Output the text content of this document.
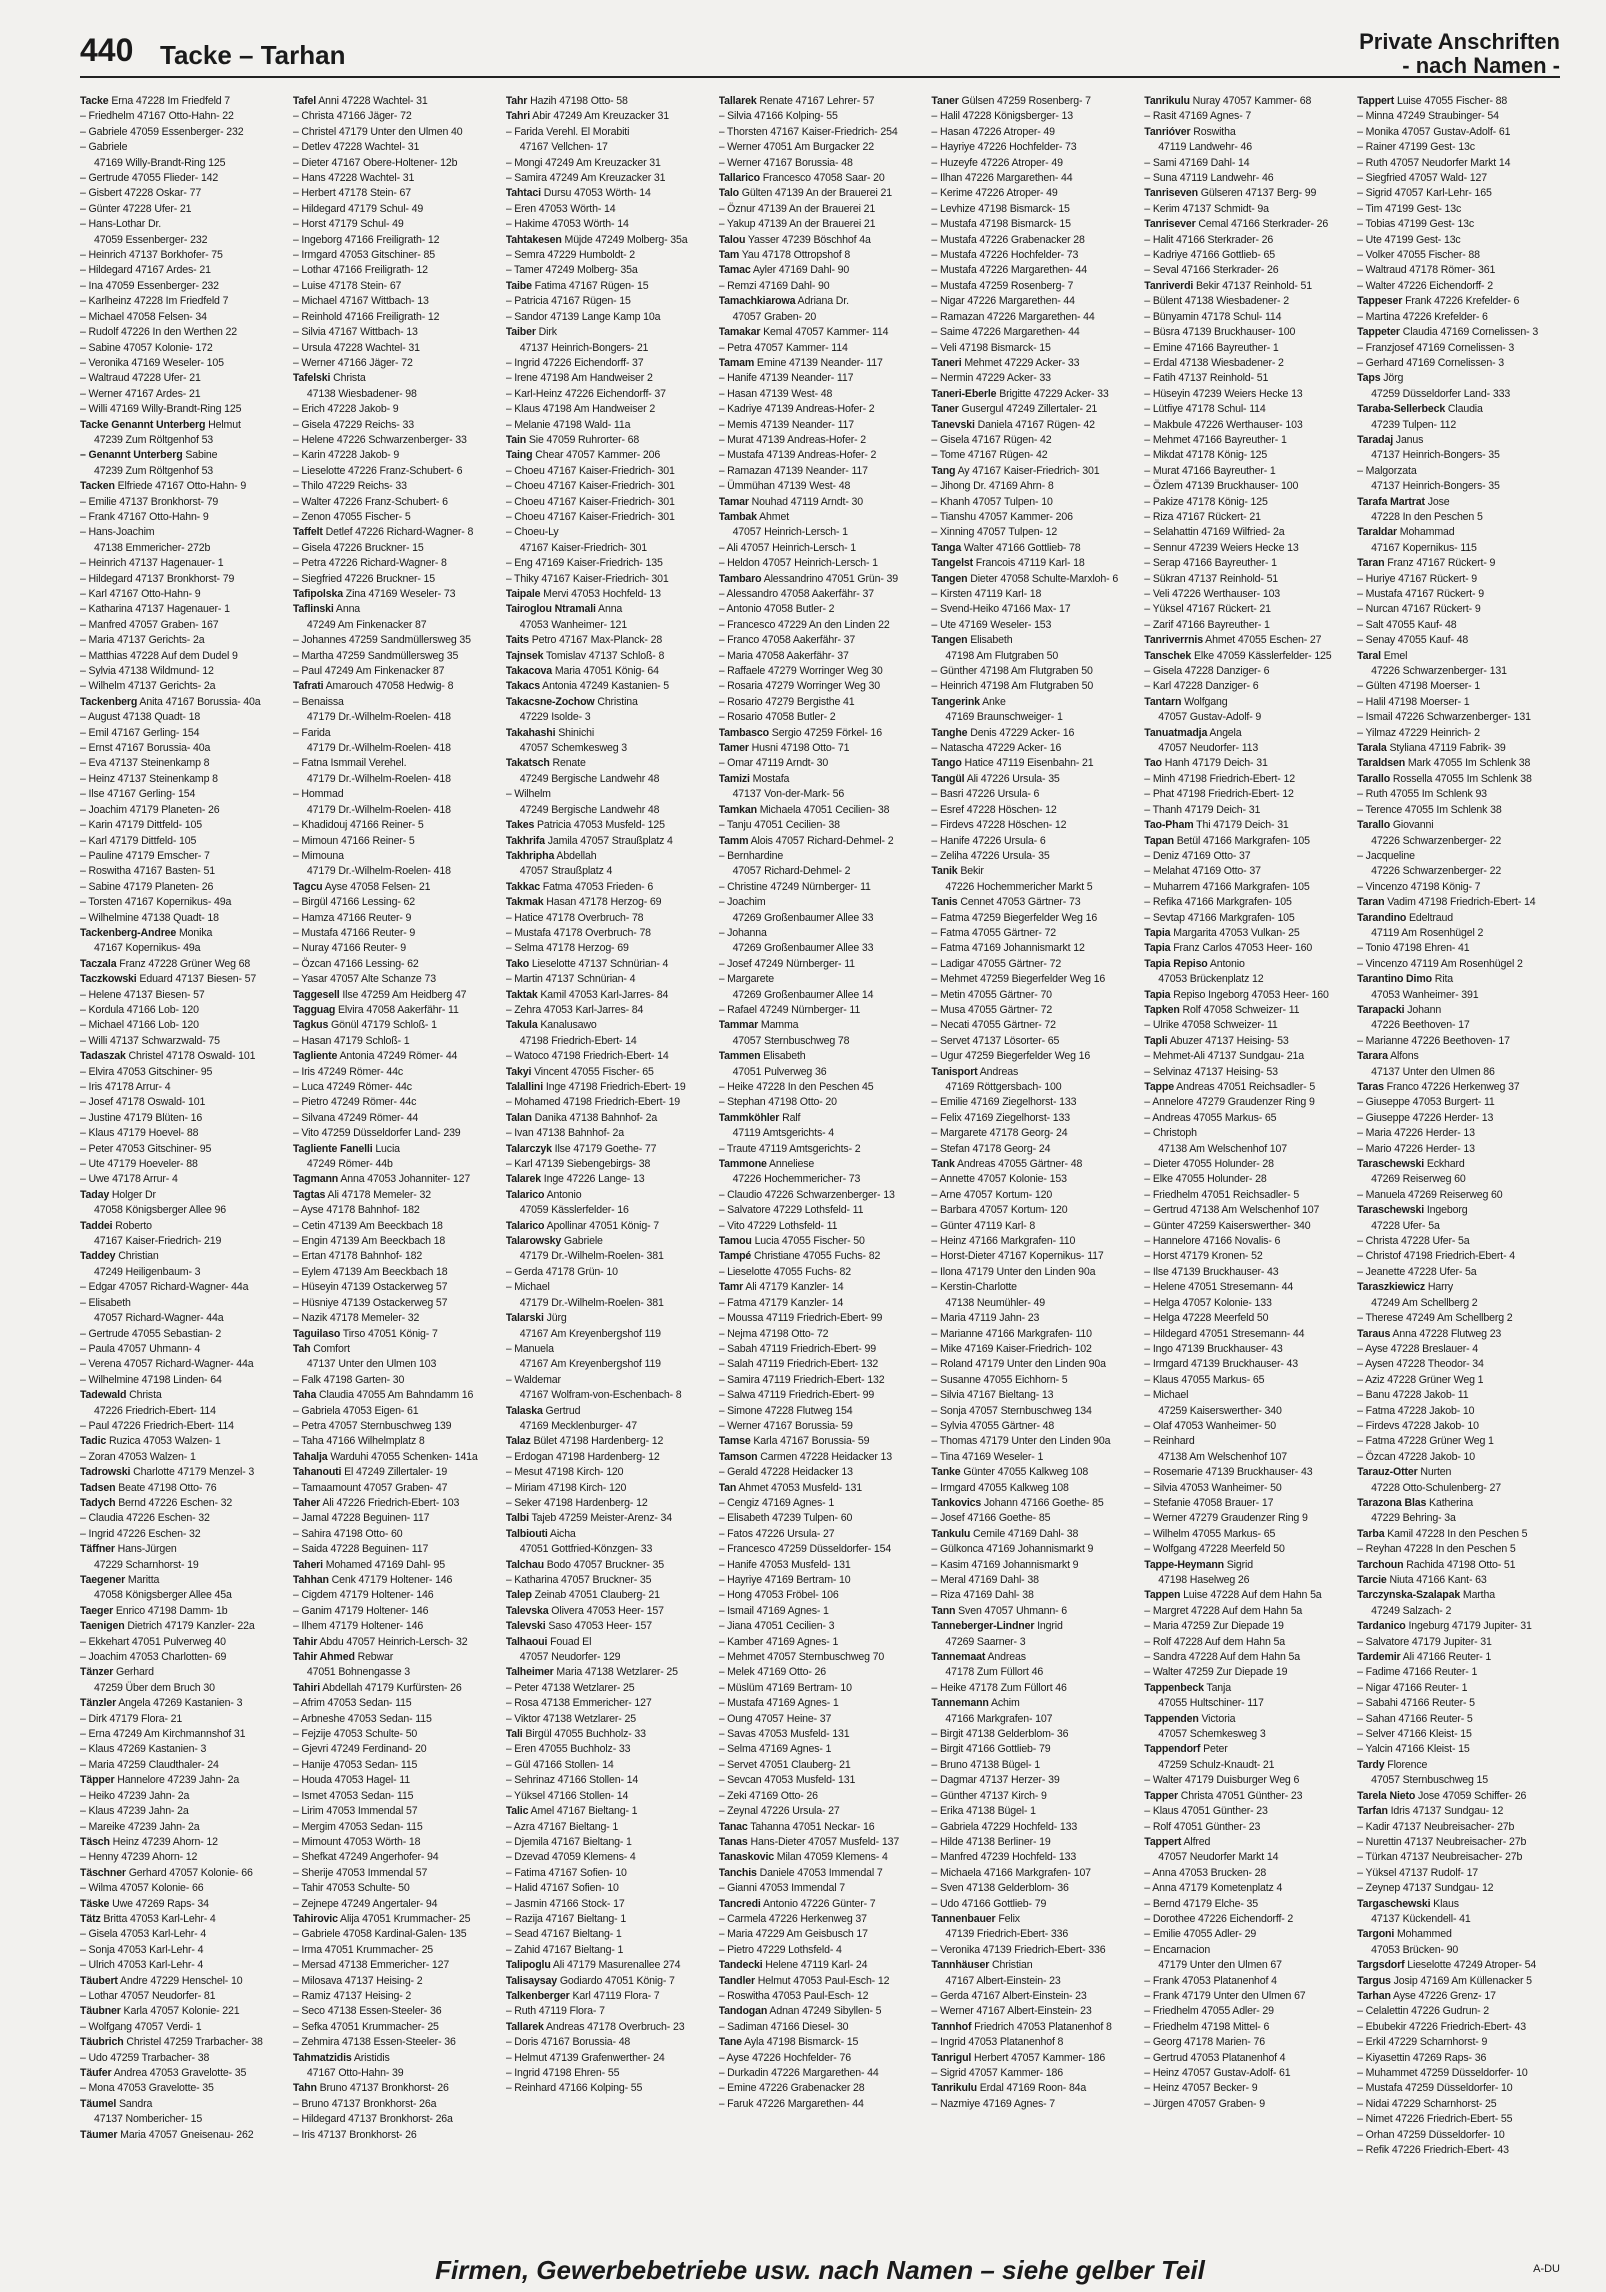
440 Tacke – Tarhan	Private Anschriften
- nach Namen -
Tacke Erna 47228 Im Friedfeld 7
– Friedhelm 47167 Otto-Hahn- 22
– Gabriele 47059 Essenberger- 232
– Gabriele
47169 Willy-Brandt-Ring 125
– Gertrude 47055 Flieder- 142
– Gisbert 47228 Oskar- 77
– Günter 47228 Ufer- 21
– Hans-Lothar Dr.
47059 Essenberger- 232
– Heinrich 47137 Borkhofer- 75
– Hildegard 47167 Ardes- 21
– Ina 47059 Essenberger- 232
– Karlheinz 47228 Im Friedfeld 7
– Michael 47058 Felsen- 34
– Rudolf 47226 In den Werthen 22
– Sabine 47057 Kolonie- 172
– Veronika 47169 Weseler- 105
– Waltraud 47228 Ufer- 21
– Werner 47167 Ardes- 21
– Willi 47169 Willy-Brandt-Ring 125
Tacke Genannt Unterberg Helmut
47239 Zum Röltgenhof 53
– Genannt Unterberg Sabine
47239 Zum Röltgenhof 53
Tacken Elfriede 47167 Otto-Hahn- 9
– Emilie 47137 Bronkhorst- 79
– Frank 47167 Otto-Hahn- 9
– Hans-Joachim
47138 Emmericher- 272b
– Heinrich 47137 Hagenauer- 1
– Hildegard 47137 Bronkhorst- 79
– Karl 47167 Otto-Hahn- 9
– Katharina 47137 Hagenauer- 1
– Manfred 47057 Graben- 167
– Maria 47137 Gerichts- 2a
– Matthias 47228 Auf dem Dudel 9
– Sylvia 47138 Wildmund- 12
– Wilhelm 47137 Gerichts- 2a
Tackenberg Anita 47167 Borussia- 40a
– August 47138 Quadt- 18
– Emil 47167 Gerling- 154
– Ernst 47167 Borussia- 40a
– Eva 47137 Steinenkamp 8
– Heinz 47137 Steinenkamp 8
– Ilse 47167 Gerling- 154
– Joachim 47179 Planeten- 26
– Karin 47179 Dittfeld- 105
– Karl 47179 Dittfeld- 105
– Pauline 47179 Emscher- 7
– Roswitha 47167 Basten- 51
– Sabine 47179 Planeten- 26
– Torsten 47167 Kopernikus- 49a
– Wilhelmine 47138 Quadt- 18
Tackenberg-Andree Monika
47167 Kopernikus- 49a
Taczala Franz 47228 Grüner Weg 68
Taczkowski Eduard 47137 Biesen- 57
– Helene 47137 Biesen- 57
– Kordula 47166 Lob- 120
– Michael 47166 Lob- 120
– Willi 47137 Schwarzwald- 75
Tadaszak Christel 47178 Oswald- 101
– Elvira 47053 Gitschiner- 95
– Iris 47178 Arrur- 4
– Josef 47178 Oswald- 101
– Justine 47179 Blüten- 16
– Klaus 47179 Hoevel- 88
– Peter 47053 Gitschiner- 95
– Ute 47179 Hoeveler- 88
– Uwe 47178 Arrur- 4
Taday Holger Dr
47058 Königsberger Allee 96
Taddei Roberto
47167 Kaiser-Friedrich- 219
Taddey Christian
47249 Heiligenbaum- 3
– Edgar 47057 Richard-Wagner- 44a
– Elisabeth
47057 Richard-Wagner- 44a
– Gertrude 47055 Sebastian- 2
– Paula 47057 Uhmann- 4
– Verena 47057 Richard-Wagner- 44a
– Wilhelmine 47198 Linden- 64
Tadewald Christa
47226 Friedrich-Ebert- 114
– Paul 47226 Friedrich-Ebert- 114
Tadic Ruzica 47053 Walzen- 1
– Zoran 47053 Walzen- 1
Tadrowski Charlotte 47179 Menzel- 3
Tadsen Beate 47198 Otto- 76
Tadych Bernd 47226 Eschen- 32
– Claudia 47226 Eschen- 32
– Ingrid 47226 Eschen- 32
Täffner Hans-Jürgen
47229 Scharnhorst- 19
Taegener Maritta
47058 Königsberger Allee 45a
Taeger Enrico 47198 Damm- 1b
Taenigen Dietrich 47179 Kanzler- 22a
– Ekkehart 47051 Pulverweg 40
– Joachim 47053 Charlotten- 69
Tänzer Gerhard
47259 Über dem Bruch 30
Tänzler Angela 47269 Kastanien- 3
– Dirk 47179 Flora- 21
– Erna 47249 Am Kirchmannshof 31
– Klaus 47269 Kastanien- 3
– Maria 47259 Claudthaler- 24
Täpper Hannelore 47239 Jahn- 2a
– Heiko 47239 Jahn- 2a
– Klaus 47239 Jahn- 2a
– Mareike 47239 Jahn- 2a
Täsch Heinz 47239 Ahorn- 12
– Henny 47239 Ahorn- 12
Täschner Gerhard 47057 Kolonie- 66
– Wilma 47057 Kolonie- 66
Täske Uwe 47269 Raps- 34
Tätz Britta 47053 Karl-Lehr- 4
– Gisela 47053 Karl-Lehr- 4
– Sonja 47053 Karl-Lehr- 4
– Ulrich 47053 Karl-Lehr- 4
Täubert Andre 47229 Henschel- 10
– Lothar 47057 Neudorfer- 81
Täubner Karla 47057 Kolonie- 221
– Wolfgang 47057 Verdi- 1
Täubrich Christel 47259 Trarbacher- 38
– Udo 47259 Trarbacher- 38
Täufer Andrea 47053 Gravelotte- 35
– Mona 47053 Gravelotte- 35
Täumel Sandra
47137 Nombericher- 15
Täumer Maria 47057 Gneisenau- 262
Tafel Anni 47228 Wachtel- 31
– Christa 47166 Jäger- 72
– Christel 47179 Unter den Ulmen 40
– Detlev 47228 Wachtel- 31
– Dieter 47167 Obere-Holtener- 12b
– Hans 47228 Wachtel- 31
– Herbert 47178 Stein- 67
– Hildegard 47179 Schul- 49
– Horst 47179 Schul- 49
– Ingeborg 47166 Freiligrath- 12
– Irmgard 47053 Gitschiner- 85
– Lothar 47166 Freiligrath- 12
– Luise 47178 Stein- 67
– Michael 47167 Wittbach- 13
– Reinhold 47166 Freiligrath- 12
– Silvia 47167 Wittbach- 13
– Ursula 47228 Wachtel- 31
– Werner 47166 Jäger- 72
Tafelski Christa
47138 Wiesbadener- 98
– Erich 47228 Jakob- 9
– Gisela 47229 Reichs- 33
– Helene 47226 Schwarzenberger- 33
– Karin 47228 Jakob- 9
– Lieselotte 47226 Franz-Schubert- 6
– Thilo 47229 Reichs- 33
– Walter 47226 Franz-Schubert- 6
– Zenon 47055 Fischer- 5
Taffelt Detlef 47226 Richard-Wagner- 8
– Gisela 47226 Bruckner- 15
– Petra 47226 Richard-Wagner- 8
– Siegfried 47226 Bruckner- 15
Tafipolska Zina 47169 Weseler- 73
Taflinski Anna
47249 Am Finkenacker 87
– Johannes 47259 Sandmüllersweg 35
– Martha 47259 Sandmüllersweg 35
– Paul 47249 Am Finkenacker 87
Tafrati Amarouch 47058 Hedwig- 8
– Benaissa
47179 Dr.-Wilhelm-Roelen- 418
– Farida
47179 Dr.-Wilhelm-Roelen- 418
– Fatna Ismmail Verehel.
47179 Dr.-Wilhelm-Roelen- 418
– Hommad
47179 Dr.-Wilhelm-Roelen- 418
– Khadidouj 47166 Reiner- 5
– Mimoun 47166 Reiner- 5
– Mimouna
47179 Dr.-Wilhelm-Roelen- 418
Tagcu Ayse 47058 Felsen- 21
– Birgül 47166 Lessing- 62
– Hamza 47166 Reuter- 9
– Mustafa 47166 Reuter- 9
– Nuray 47166 Reuter- 9
– Özcan 47166 Lessing- 62
– Yasar 47057 Alte Schanze 73
Taggesell Ilse 47259 Am Heidberg 47
Tagguag Elvira 47058 Aakerfähr- 11
Tagkus Gönül 47179 Schloß- 1
– Hasan 47179 Schloß- 1
Tagliente Antonia 47249 Römer- 44
– Iris 47249 Römer- 44c
– Luca 47249 Römer- 44c
– Pietro 47249 Römer- 44c
– Silvana 47249 Römer- 44
– Vito 47259 Düsseldorfer Land- 239
Tagliente Fanelli Lucia
47249 Römer- 44b
Tagmann Anna 47053 Johanniter- 127
Tagtas Ali 47178 Memeler- 32
– Ayse 47178 Bahnhof- 182
– Cetin 47139 Am Beeckbach 18
– Engin 47139 Am Beeckbach 18
– Ertan 47178 Bahnhof- 182
– Eylem 47139 Am Beeckbach 18
– Hüseyin 47139 Ostackerweg 57
– Hüsniye 47139 Ostackerweg 57
– Nazik 47178 Memeler- 32
Taguilaso Tirso 47051 König- 7
Tah Comfort
47137 Unter den Ulmen 103
– Falk 47198 Garten- 30
Taha Claudia 47055 Am Bahndamm 16
– Gabriela 47053 Eigen- 61
– Petra 47057 Sternbuschweg 139
– Taha 47166 Wilhelmplatz 8
Tahalja Warduhi 47055 Schenken- 141a
Tahanouti El 47249 Zillertaler- 19
– Tamaamount 47057 Graben- 47
Taher Ali 47226 Friedrich-Ebert- 103
– Jamal 47228 Beguinen- 117
– Sahira 47198 Otto- 60
– Saida 47228 Beguinen- 117
Taheri Mohamed 47169 Dahl- 95
Tahhan Cenk 47179 Holtener- 146
– Cigdem 47179 Holtener- 146
– Ganim 47179 Holtener- 146
– Ilhem 47179 Holtener- 146
Tahir Abdu 47057 Heinrich-Lersch- 32
Tahir Ahmed Rebwar
47051 Bohnengasse 3
Tahiri Abdellah 47179 Kurfürsten- 26
– Afrim 47053 Sedan- 115
– Arbneshe 47053 Sedan- 115
– Fejzije 47053 Schulte- 50
– Gjevri 47249 Ferdinand- 20
– Hanije 47053 Sedan- 115
– Houda 47053 Hagel- 11
– Ismet 47053 Sedan- 115
– Lirim 47053 Immendal 57
– Mergim 47053 Sedan- 115
– Mimount 47053 Wörth- 18
– Shefkat 47249 Angerhofer- 94
– Sherije 47053 Immendal 57
– Tahir 47053 Schulte- 50
– Zejnepe 47249 Angertaler- 94
Tahirovic Alija 47051 Krummacher- 25
– Gabriele 47058 Kardinal-Galen- 135
– Irma 47051 Krummacher- 25
– Mersad 47138 Emmericher- 127
– Milosava 47137 Heising- 2
– Ramiz 47137 Heising- 2
– Seco 47138 Essen-Steeler- 36
– Sefka 47051 Krummacher- 25
– Zehmira 47138 Essen-Steeler- 36
Tahmatzidis Aristidis
47167 Otto-Hahn- 39
Tahn Bruno 47137 Bronkhorst- 26
– Bruno 47137 Bronkhorst- 26a
– Hildegard 47137 Bronkhorst- 26a
– Iris 47137 Bronkhorst- 26
Tahr Hazih 47198 Otto- 58
Tahri Abir 47249 Am Kreuzacker 31
– Farida Verehl. El Morabiti
47167 Vellchen- 17
– Mongi 47249 Am Kreuzacker 31
– Samira 47249 Am Kreuzacker 31
Tahtaci Dursu 47053 Wörth- 14
– Eren 47053 Wörth- 14
– Hakime 47053 Wörth- 14
Tahtakesen Müjde 47249 Molberg- 35a
– Semra 47229 Humboldt- 2
– Tamer 47249 Molberg- 35a
Taibe Fatima 47167 Rügen- 15
– Patricia 47167 Rügen- 15
– Sandor 47139 Lange Kamp 10a
Taiber Dirk
47137 Heinrich-Bongers- 21
– Ingrid 47226 Eichendorff- 37
– Irene 47198 Am Handweiser 2
– Karl-Heinz 47226 Eichendorff- 37
– Klaus 47198 Am Handweiser 2
– Melanie 47198 Wald- 11a
Tain Sie 47059 Ruhrorter- 68
Taing Chear 47057 Kammer- 206
– Choeu 47167 Kaiser-Friedrich- 301
– Choeu 47167 Kaiser-Friedrich- 301
– Choeu 47167 Kaiser-Friedrich- 301
– Choeu 47167 Kaiser-Friedrich- 301
– Choeu-Ly
47167 Kaiser-Friedrich- 301
– Eng 47169 Kaiser-Friedrich- 135
– Thiky 47167 Kaiser-Friedrich- 301
Taipale Mervi 47053 Hochfeld- 13
Tairoglou Ntramali Anna
47053 Wanheimer- 121
Taits Petro 47167 Max-Planck- 28
Tajnsek Tomislav 47137 Schloß- 8
Takacova Maria 47051 König- 64
Takacs Antonia 47249 Kastanien- 5
Takacsne-Zochow Christina
47229 Isolde- 3
Takahashi Shinichi
47057 Schemkesweg 3
Takatsch Renate
47249 Bergische Landwehr 48
– Wilhelm
47249 Bergische Landwehr 48
Takes Patricia 47053 Musfeld- 125
Takhrifa Jamila 47057 Straußplatz 4
Takhripha Abdellah
47057 Straußplatz 4
Takkac Fatma 47053 Frieden- 6
Takmak Hasan 47178 Herzog- 69
– Hatice 47178 Overbruch- 78
– Mustafa 47178 Overbruch- 78
– Selma 47178 Herzog- 69
Tako Lieselotte 47137 Schnürian- 4
– Martin 47137 Schnürian- 4
Taktak Kamil 47053 Karl-Jarres- 84
– Zehra 47053 Karl-Jarres- 84
Takula Kanalusawo
47198 Friedrich-Ebert- 14
– Watoco 47198 Friedrich-Ebert- 14
Takyi Vincent 47055 Fischer- 65
Talallini Inge 47198 Friedrich-Ebert- 19
– Mohamed 47198 Friedrich-Ebert- 19
Talan Danika 47138 Bahnhof- 2a
– Ivan 47138 Bahnhof- 2a
Talarczyk Ilse 47179 Goethe- 77
– Karl 47139 Siebengebirgs- 38
Talarek Inge 47226 Lange- 13
Talarico Antonio
47059 Kässlerfelder- 16
Talarico Apollinar 47051 König- 7
Talarowsky Gabriele
47179 Dr.-Wilhelm-Roelen- 381
– Gerda 47178 Grün- 10
– Michael
47179 Dr.-Wilhelm-Roelen- 381
Talarski Jürg
47167 Am Kreyenbergshof 119
– Manuela
47167 Am Kreyenbergshof 119
– Waldemar
47167 Wolfram-von-Eschenbach- 8
Talaska Gertrud
47169 Mecklenburger- 47
Talaz Bület 47198 Hardenberg- 12
– Erdogan 47198 Hardenberg- 12
– Mesut 47198 Kirch- 120
– Miriam 47198 Kirch- 120
– Seker 47198 Hardenberg- 12
Talbi Tajeb 47259 Meister-Arenz- 34
Talbiouti Aicha
47051 Gottfried-Könzgen- 33
Talchau Bodo 47057 Bruckner- 35
– Katharina 47057 Bruckner- 35
Talep Zeinab 47051 Clauberg- 21
Talevska Olivera 47053 Heer- 157
Talevski Saso 47053 Heer- 157
Talhaoui Fouad El
47057 Neudorfer- 129
Talheimer Maria 47138 Wetzlarer- 25
– Peter 47138 Wetzlarer- 25
– Rosa 47138 Emmericher- 127
– Viktor 47138 Wetzlarer- 25
Tali Birgül 47055 Buchholz- 33
– Eren 47055 Buchholz- 33
– Gül 47166 Stollen- 14
– Sehrinaz 47166 Stollen- 14
– Yüksel 47166 Stollen- 14
Talic Amel 47167 Bieltang- 1
– Azra 47167 Bieltang- 1
– Djemila 47167 Bieltang- 1
– Dzevad 47059 Klemens- 4
– Fatima 47167 Sofien- 10
– Halid 47167 Sofien- 10
– Jasmin 47166 Stock- 17
– Razija 47167 Bieltang- 1
– Sead 47167 Bieltang- 1
– Zahid 47167 Bieltang- 1
Talipoglu Ali 47179 Masurenallee 274
Talisaysay Godiardo 47051 König- 7
Talkenberger Karl 47119 Flora- 7
– Ruth 47119 Flora- 7
Tallarek Andreas 47178 Overbruch- 23
– Doris 47167 Borussia- 48
– Helmut 47139 Grafenwerther- 24
– Ingrid 47198 Ehren- 55
– Reinhard 47166 Kolping- 55
Tallarek Renate 47167 Lehrer- 57
– Silvia 47166 Kolping- 55
– Thorsten 47167 Kaiser-Friedrich- 254
– Werner 47051 Am Burgacker 22
– Werner 47167 Borussia- 48
Tallarico Francesco 47058 Saar- 20
Talo Gülten 47139 An der Brauerei 21
– Öznur 47139 An der Brauerei 21
– Yakup 47139 An der Brauerei 21
Talou Yasser 47239 Böschhof 4a
Tam Yau 47178 Ottropshof 8
Tamac Ayler 47169 Dahl- 90
– Remzi 47169 Dahl- 90
Tamachkiarowa Adriana Dr.
47057 Graben- 20
Tamakar Kemal 47057 Kammer- 114
– Petra 47057 Kammer- 114
Tamam Emine 47139 Neander- 117
– Hanife 47139 Neander- 117
– Hasan 47139 West- 48
– Kadriye 47139 Andreas-Hofer- 2
– Memis 47139 Neander- 117
– Murat 47139 Andreas-Hofer- 2
– Mustafa 47139 Andreas-Hofer- 2
– Ramazan 47139 Neander- 117
– Ümmühan 47139 West- 48
Tamar Nouhad 47119 Arndt- 30
Tambak Ahmet
47057 Heinrich-Lersch- 1
– Ali 47057 Heinrich-Lersch- 1
– Heldon 47057 Heinrich-Lersch- 1
Tambaro Alessandrino 47051 Grün- 39
– Alessandro 47058 Aakerfähr- 37
– Antonio 47058 Butler- 2
– Francesco 47229 An den Linden 22
– Franco 47058 Aakerfähr- 37
– Maria 47058 Aakerfähr- 37
– Raffaele 47279 Worringer Weg 30
– Rosaria 47279 Worringer Weg 30
– Rosario 47279 Bergisthe 41
– Rosario 47058 Butler- 2
Tambasco Sergio 47259 Förkel- 16
Tamer Husni 47198 Otto- 71
– Omar 47119 Arndt- 30
Tamizi Mostafa
47137 Von-der-Mark- 56
Tamkan Michaela 47051 Cecilien- 38
– Tanju 47051 Cecilien- 38
Tamm Alois 47057 Richard-Dehmel- 2
– Bernhardine
47057 Richard-Dehmel- 2
– Christine 47249 Nürnberger- 11
– Joachim
47269 Großenbaumer Allee 33
– Johanna
47269 Großenbaumer Allee 33
– Josef 47249 Nürnberger- 11
– Margarete
47269 Großenbaumer Allee 14
– Rafael 47249 Nürnberger- 11
Tammar Mamma
47057 Sternbuschweg 78
Tammen Elisabeth
47051 Pulverweg 36
– Heike 47228 In den Peschen 45
– Stephan 47198 Otto- 20
Tammköhler Ralf
47119 Amtsgerichts- 4
– Traute 47119 Amtsgerichts- 2
Tammone Anneliese
47226 Hochemmericher- 73
– Claudio 47226 Schwarzenberger- 13
– Salvatore 47229 Lothsfeld- 11
– Vito 47229 Lothsfeld- 11
Tamou Lucia 47055 Fischer- 50
Tampé Christiane 47055 Fuchs- 82
– Lieselotte 47055 Fuchs- 82
Tamr Ali 47179 Kanzler- 14
– Fatma 47179 Kanzler- 14
– Moussa 47119 Friedrich-Ebert- 99
– Nejma 47198 Otto- 72
– Sabah 47119 Friedrich-Ebert- 99
– Salah 47119 Friedrich-Ebert- 132
– Samira 47119 Friedrich-Ebert- 132
– Salwa 47119 Friedrich-Ebert- 99
– Simone 47228 Flutweg 154
– Werner 47167 Borussia- 59
Tamse Karla 47167 Borussia- 59
Tamson Carmen 47228 Heidacker 13
– Gerald 47228 Heidacker 13
Tan Ahmet 47053 Musfeld- 131
– Cengiz 47169 Agnes- 1
– Elisabeth 47239 Tulpen- 60
– Fatos 47226 Ursula- 27
– Francesco 47259 Düsseldorfer- 154
– Hanife 47053 Musfeld- 131
– Hayriye 47169 Bertram- 10
– Hong 47053 Fröbel- 106
– Ismail 47169 Agnes- 1
– Jiana 47051 Cecilien- 3
– Kamber 47169 Agnes- 1
– Mehmet 47057 Sternbuschweg 70
– Melek 47169 Otto- 26
– Müslüm 47169 Bertram- 10
– Mustafa 47169 Agnes- 1
– Oung 47057 Heine- 37
– Savas 47053 Musfeld- 131
– Selma 47169 Agnes- 1
– Servet 47051 Clauberg- 21
– Sevcan 47053 Musfeld- 131
– Zeki 47169 Otto- 26
– Zeynal 47226 Ursula- 27
Tanac Tahanna 47051 Neckar- 16
Tanas Hans-Dieter 47057 Musfeld- 137
Tanaskovic Milan 47059 Klemens- 4
Tanchis Daniele 47053 Immendal 7
– Gianni 47053 Immendal 7
Tancredi Antonio 47226 Günter- 7
– Carmela 47226 Herkenweg 37
– Maria 47229 Am Geisbusch 17
– Pietro 47229 Lothsfeld- 4
Tandecki Helene 47119 Karl- 24
Tandler Helmut 47053 Paul-Esch- 12
– Roswitha 47053 Paul-Esch- 12
Tandogan Adnan 47249 Sibyllen- 5
– Sadiman 47166 Diesel- 30
Tane Ayla 47198 Bismarck- 15
– Ayse 47226 Hochfelder- 76
– Durkadin 47226 Margarethen- 44
– Emine 47226 Grabenacker 28
– Faruk 47226 Margarethen- 44
Taner Gülsen 47259 Rosenberg- 7
– Halil 47228 Königsberger- 13
– Hasan 47226 Atroper- 49
– Hayriye 47226 Hochfelder- 73
– Huzeyfe 47226 Atroper- 49
– Ilhan 47226 Margarethen- 44
– Kerime 47226 Atroper- 49
– Levhize 47198 Bismarck- 15
– Mustafa 47198 Bismarck- 15
– Mustafa 47226 Grabenacker 28
– Mustafa 47226 Hochfelder- 73
– Mustafa 47226 Margarethen- 44
– Mustafa 47259 Rosenberg- 7
– Nigar 47226 Margarethen- 44
– Ramazan 47226 Margarethen- 44
– Saime 47226 Margarethen- 44
– Veli 47198 Bismarck- 15
Taneri Mehmet 47229 Acker- 33
– Nermin 47229 Acker- 33
Taneri-Eberle Brigitte 47229 Acker- 33
Taner Gusergul 47249 Zillertaler- 21
Tanevski Daniela 47167 Rügen- 42
– Gisela 47167 Rügen- 42
– Tome 47167 Rügen- 42
Tang Ay 47167 Kaiser-Friedrich- 301
– Jihong Dr. 47169 Ahrn- 8
– Khanh 47057 Tulpen- 10
– Tianshu 47057 Kammer- 206
– Xinning 47057 Tulpen- 12
Tanga Walter 47166 Gottlieb- 78
Tangelst Francois 47119 Karl- 18
Tangen Dieter 47058 Schulte-Marxloh- 6
– Kirsten 47119 Karl- 18
– Svend-Heiko 47166 Max- 17
– Ute 47169 Weseler- 153
Tangen Elisabeth
47198 Am Flutgraben 50
– Günther 47198 Am Flutgraben 50
– Heinrich 47198 Am Flutgraben 50
Tangerink Anke
47169 Braunschweiger- 1
Tanghe Denis 47229 Acker- 16
– Natascha 47229 Acker- 16
Tango Hatice 47119 Eisenbahn- 21
Tangül Ali 47226 Ursula- 35
– Basri 47226 Ursula- 6
– Esref 47228 Höschen- 12
– Firdevs 47228 Höschen- 12
– Hanife 47226 Ursula- 6
– Zeliha 47226 Ursula- 35
Tanik Bekir
47226 Hochemmericher Markt 5
Tanis Cennet 47053 Gärtner- 73
– Fatma 47259 Biegerfelder Weg 16
– Fatma 47055 Gärtner- 72
– Fatma 47169 Johannismarkt 12
– Ladigar 47055 Gärtner- 72
– Mehmet 47259 Biegerfelder Weg 16
– Metin 47055 Gärtner- 70
– Musa 47055 Gärtner- 72
– Necati 47055 Gärtner- 72
– Servet 47137 Lösorter- 65
– Ugur 47259 Biegerfelder Weg 16
Tanisport Andreas
47169 Röttgersbach- 100
– Emilie 47169 Ziegelhorst- 133
– Felix 47169 Ziegelhorst- 133
– Margarete 47178 Georg- 24
– Stefan 47178 Georg- 24
Tank Andreas 47055 Gärtner- 48
– Annette 47057 Kolonie- 153
– Arne 47057 Kortum- 120
– Barbara 47057 Kortum- 120
– Günter 47119 Karl- 8
– Heinz 47166 Markgrafen- 110
– Horst-Dieter 47167 Kopernikus- 117
– Ilona 47179 Unter den Linden 90a
– Kerstin-Charlotte
47138 Neumühler- 49
– Maria 47119 Jahn- 23
– Marianne 47166 Markgrafen- 110
– Mike 47169 Kaiser-Friedrich- 102
– Roland 47179 Unter den Linden 90a
– Susanne 47055 Eichhorn- 5
– Silvia 47167 Bieltang- 13
– Sonja 47057 Sternbuschweg 134
– Sylvia 47055 Gärtner- 48
– Thomas 47179 Unter den Linden 90a
– Tina 47169 Weseler- 1
Tanke Günter 47055 Kalkweg 108
– Irmgard 47055 Kalkweg 108
Tankovics Johann 47166 Goethe- 85
– Josef 47166 Goethe- 85
Tankulu Cemile 47169 Dahl- 38
– Gülkonca 47169 Johannismarkt 9
– Kasim 47169 Johannismarkt 9
– Meral 47169 Dahl- 38
– Riza 47169 Dahl- 38
Tann Sven 47057 Uhmann- 6
Tanneberger-Lindner Ingrid
47269 Saarner- 3
Tannemaat Andreas
47178 Zum Füllort 46
– Heike 47178 Zum Füllort 46
Tannemann Achim
47166 Markgrafen- 107
– Birgit 47138 Gelderblom- 36
– Birgit 47166 Gottlieb- 79
– Bruno 47138 Bügel- 1
– Dagmar 47137 Herzer- 39
– Günther 47137 Kirch- 9
– Erika 47138 Bügel- 1
– Gabriela 47229 Hochfeld- 133
– Hilde 47138 Berliner- 19
– Manfred 47239 Hochfeld- 133
– Michaela 47166 Markgrafen- 107
– Sven 47138 Gelderblom- 36
– Udo 47166 Gottlieb- 79
Tannenbauer Felix
47139 Friedrich-Ebert- 336
– Veronika 47139 Friedrich-Ebert- 336
Tannhäuser Christian
47167 Albert-Einstein- 23
– Gerda 47167 Albert-Einstein- 23
– Werner 47167 Albert-Einstein- 23
Tannhof Friedrich 47053 Platanenhof 8
– Ingrid 47053 Platanenhof 8
Tanrigul Herbert 47057 Kammer- 186
– Sigrid 47057 Kammer- 186
Tanrikulu Erdal 47169 Roon- 84a
– Nazmiye 47169 Agnes- 7
Tanrikulu Nuray 47057 Kammer- 68
– Rasit 47169 Agnes- 7
Tanrióver Roswitha
47119 Landwehr- 46
– Sami 47169 Dahl- 14
– Suna 47119 Landwehr- 46
Tanriseven Gülseren 47137 Berg- 99
– Kerim 47137 Schmidt- 9a
Tanrisever Cemal 47166 Sterkrader- 26
– Halit 47166 Sterkrader- 26
– Kadriye 47166 Gottlieb- 65
– Seval 47166 Sterkrader- 26
Tanriverdi Bekir 47137 Reinhold- 51
– Bülent 47138 Wiesbadener- 2
– Bünyamin 47178 Schul- 114
– Büsra 47139 Bruckhauser- 100
– Emine 47166 Bayreuther- 1
– Erdal 47138 Wiesbadener- 2
– Fatih 47137 Reinhold- 51
– Hüseyin 47239 Weiers Hecke 13
– Lütfiye 47178 Schul- 114
– Makbule 47226 Werthauser- 103
– Mehmet 47166 Bayreuther- 1
– Mikdat 47178 König- 125
– Murat 47166 Bayreuther- 1
– Özlem 47139 Bruckhauser- 100
– Pakize 47178 König- 125
– Riza 47167 Rückert- 21
– Selahattin 47169 Wilfried- 2a
– Sennur 47239 Weiers Hecke 13
– Serap 47166 Bayreuther- 1
– Sükran 47137 Reinhold- 51
– Veli 47226 Werthauser- 103
– Yüksel 47167 Rückert- 21
– Zarif 47166 Bayreuther- 1
Tanriverrnis Ahmet 47055 Eschen- 27
Tanschek Elke 47059 Kässlerfelder- 125
– Gisela 47228 Danziger- 6
– Karl 47228 Danziger- 6
Tantarn Wolfgang
47057 Gustav-Adolf- 9
Tanuatmadja Angela
47057 Neudorfer- 113
Tao Hanh 47179 Deich- 31
– Minh 47198 Friedrich-Ebert- 12
– Phat 47198 Friedrich-Ebert- 12
– Thanh 47179 Deich- 31
Tao-Pham Thi 47179 Deich- 31
Tapan Betül 47166 Markgrafen- 105
– Deniz 47169 Otto- 37
– Melahat 47169 Otto- 37
– Muharrem 47166 Markgrafen- 105
– Refika 47166 Markgrafen- 105
– Sevtap 47166 Markgrafen- 105
Tapia Margarita 47053 Vulkan- 25
Tapia Franz Carlos 47053 Heer- 160
Tapia Repiso Antonio
47053 Brückenplatz 12
Tapia Repiso Ingeborg 47053 Heer- 160
Tapken Rolf 47058 Schweizer- 11
– Ulrike 47058 Schweizer- 11
Tapli Abuzer 47137 Heising- 53
– Mehmet-Ali 47137 Sundgau- 21a
– Selvinaz 47137 Heising- 53
Tappe Andreas 47051 Reichsadler- 5
– Annelore 47279 Graudenzer Ring 9
– Andreas 47055 Markus- 65
– Christoph
47138 Am Welschenhof 107
– Dieter 47055 Holunder- 28
– Elke 47055 Holunder- 28
– Friedhelm 47051 Reichsadler- 5
– Gertrud 47138 Am Welschenhof 107
– Günter 47259 Kaiserswerther- 340
– Hannelore 47166 Novalis- 6
– Horst 47179 Kronen- 52
– Ilse 47139 Bruckhauser- 43
– Helene 47051 Stresemann- 44
– Helga 47057 Kolonie- 133
– Helga 47228 Meerfeld 50
– Hildegard 47051 Stresemann- 44
– Ingo 47139 Bruckhauser- 43
– Irmgard 47139 Bruckhauser- 43
– Klaus 47055 Markus- 65
– Michael
47259 Kaiserswerther- 340
– Olaf 47053 Wanheimer- 50
– Reinhard
47138 Am Welschenhof 107
– Rosemarie 47139 Bruckhauser- 43
– Silvia 47053 Wanheimer- 50
– Stefanie 47058 Brauer- 17
– Werner 47279 Graudenzer Ring 9
– Wilhelm 47055 Markus- 65
– Wolfgang 47228 Meerfeld 50
Tappe-Heymann Sigrid
47198 Haselweg 26
Tappen Luise 47228 Auf dem Hahn 5a
– Margret 47228 Auf dem Hahn 5a
– Maria 47259 Zur Diepade 19
– Rolf 47228 Auf dem Hahn 5a
– Sandra 47228 Auf dem Hahn 5a
– Walter 47259 Zur Diepade 19
Tappenbeck Tanja
47055 Hultschiner- 117
Tappenden Victoria
47057 Schemkesweg 3
Tappendorf Peter
47259 Schulz-Knaudt- 21
– Walter 47179 Duisburger Weg 6
Tapper Christa 47051 Günther- 23
– Klaus 47051 Günther- 23
– Rolf 47051 Günther- 23
Tappert Alfred
47057 Neudorfer Markt 14
– Anna 47053 Brucken- 28
– Anna 47179 Kometenplatz 4
– Bernd 47179 Elche- 35
– Dorothee 47226 Eichendorff- 2
– Emilie 47055 Adler- 29
– Encarnacion
47179 Unter den Ulmen 67
– Frank 47053 Platanenhof 4
– Frank 47179 Unter den Ulmen 67
– Friedhelm 47055 Adler- 29
– Friedhelm 47198 Mittel- 6
– Georg 47178 Marien- 76
– Gertrud 47053 Platanenhof 4
– Heinz 47057 Gustav-Adolf- 61
– Heinz 47057 Becker- 9
– Jürgen 47057 Graben- 9
Tappert Luise 47055 Fischer- 88
– Minna 47249 Straubinger- 54
– Monika 47057 Gustav-Adolf- 61
– Rainer 47199 Gest- 13c
– Ruth 47057 Neudorfer Markt 14
– Siegfried 47057 Wald- 127
– Sigrid 47057 Karl-Lehr- 165
– Tim 47199 Gest- 13c
– Tobias 47199 Gest- 13c
– Ute 47199 Gest- 13c
– Volker 47055 Fischer- 88
– Waltraud 47178 Römer- 361
– Walter 47226 Eichendorff- 2
Tappeser Frank 47226 Krefelder- 6
– Martina 47226 Krefelder- 6
Tappeter Claudia 47169 Cornelissen- 3
– Franzjosef 47169 Cornelissen- 3
– Gerhard 47169 Cornelissen- 3
Taps Jörg
47259 Düsseldorfer Land- 333
Taraba-Sellerbeck Claudia
47239 Tulpen- 112
Taradaj Janus
47137 Heinrich-Bongers- 35
– Malgorzata
47137 Heinrich-Bongers- 35
Tarafa Martrat Jose
47228 In den Peschen 5
Taraldar Mohammad
47167 Kopernikus- 115
Taran Franz 47167 Rückert- 9
– Huriye 47167 Rückert- 9
– Mustafa 47167 Rückert- 9
– Nurcan 47167 Rückert- 9
– Salt 47055 Kauf- 48
– Senay 47055 Kauf- 48
Taral Emel
47226 Schwarzenberger- 131
– Gülten 47198 Moerser- 1
– Halil 47198 Moerser- 1
– Ismail 47226 Schwarzenberger- 131
– Yilmaz 47229 Heinrich- 2
Tarala Styliana 47119 Fabrik- 39
Taraldsen Mark 47055 Im Schlenk 38
Tarallo Rossella 47055 Im Schlenk 38
– Ruth 47055 Im Schlenk 93
– Terence 47055 Im Schlenk 38
Tarallo Giovanni
47226 Schwarzenberger- 22
– Jacqueline
47226 Schwarzenberger- 22
– Vincenzo 47198 König- 7
Taran Vadim 47198 Friedrich-Ebert- 14
Tarandino Edeltraud
47119 Am Rosenhügel 2
– Tonio 47198 Ehren- 41
– Vincenzo 47119 Am Rosenhügel 2
Tarantino Dimo Rita
47053 Wanheimer- 391
Tarapacki Johann
47226 Beethoven- 17
– Marianne 47226 Beethoven- 17
Tarara Alfons
47137 Unter den Ulmen 86
Taras Franco 47226 Herkenweg 37
– Giuseppe 47053 Burgert- 11
– Giuseppe 47226 Herder- 13
– Maria 47226 Herder- 13
– Mario 47226 Herder- 13
Taraschewski Eckhard
47269 Reiserweg 60
– Manuela 47269 Reiserweg 60
Taraschewski Ingeborg
47228 Ufer- 5a
– Christa 47228 Ufer- 5a
– Christof 47198 Friedrich-Ebert- 4
– Jeanette 47228 Ufer- 5a
Taraszkiewicz Harry
47249 Am Schellberg 2
– Therese 47249 Am Schellberg 2
Taraus Anna 47228 Flutweg 23
– Ayse 47228 Breslauer- 4
– Aysen 47228 Theodor- 34
– Aziz 47228 Grüner Weg 1
– Banu 47228 Jakob- 11
– Fatma 47228 Jakob- 10
– Firdevs 47228 Jakob- 10
– Fatma 47228 Grüner Weg 1
– Özcan 47228 Jakob- 10
Tarauz-Otter Nurten
47228 Otto-Schulenberg- 27
Tarazona Blas Katherina
47229 Behring- 3a
Tarba Kamil 47228 In den Peschen 5
– Reyhan 47228 In den Peschen 5
Tarchoun Rachida 47198 Otto- 51
Tarcie Niuta 47166 Kant- 63
Tarczynska-Szalapak Martha
47249 Salzach- 2
Tardanico Ingeburg 47179 Jupiter- 31
– Salvatore 47179 Jupiter- 31
Tardemir Ali 47166 Reuter- 1
– Fadime 47166 Reuter- 1
– Nigar 47166 Reuter- 1
– Sabahi 47166 Reuter- 5
– Sahan 47166 Reuter- 5
– Selver 47166 Kleist- 15
– Yalcin 47166 Kleist- 15
Tardy Florence
47057 Sternbuschweg 15
Tarela Nieto Jose 47059 Schiffer- 26
Tarfan Idris 47137 Sundgau- 12
– Kadir 47137 Neubreisacher- 27b
– Nurettin 47137 Neubreisacher- 27b
– Türkan 47137 Neubreisacher- 27b
– Yüksel 47137 Rudolf- 17
– Zeynep 47137 Sundgau- 12
Targaschewski Klaus
47137 Kückendell- 41
Targoni Mohammed
47053 Brücken- 90
Targsdorf Lieselotte 47249 Atroper- 54
Targus Josip 47169 Am Küllenacker 5
Tarhan Ayse 47226 Grenz- 17
– Celalettin 47226 Gudrun- 2
– Ebubekir 47226 Friedrich-Ebert- 43
– Erkil 47229 Scharnhorst- 9
– Kiyasettin 47269 Raps- 36
– Muhammet 47259 Düsseldorfer- 10
– Mustafa 47259 Düsseldorfer- 10
– Nidai 47229 Scharnhorst- 25
– Nimet 47226 Friedrich-Ebert- 55
– Orhan 47259 Düsseldorfer- 10
– Refik 47226 Friedrich-Ebert- 43
Firmen, Gewerbebetriebe usw. nach Namen – siehe gelber Teil	A-DU
